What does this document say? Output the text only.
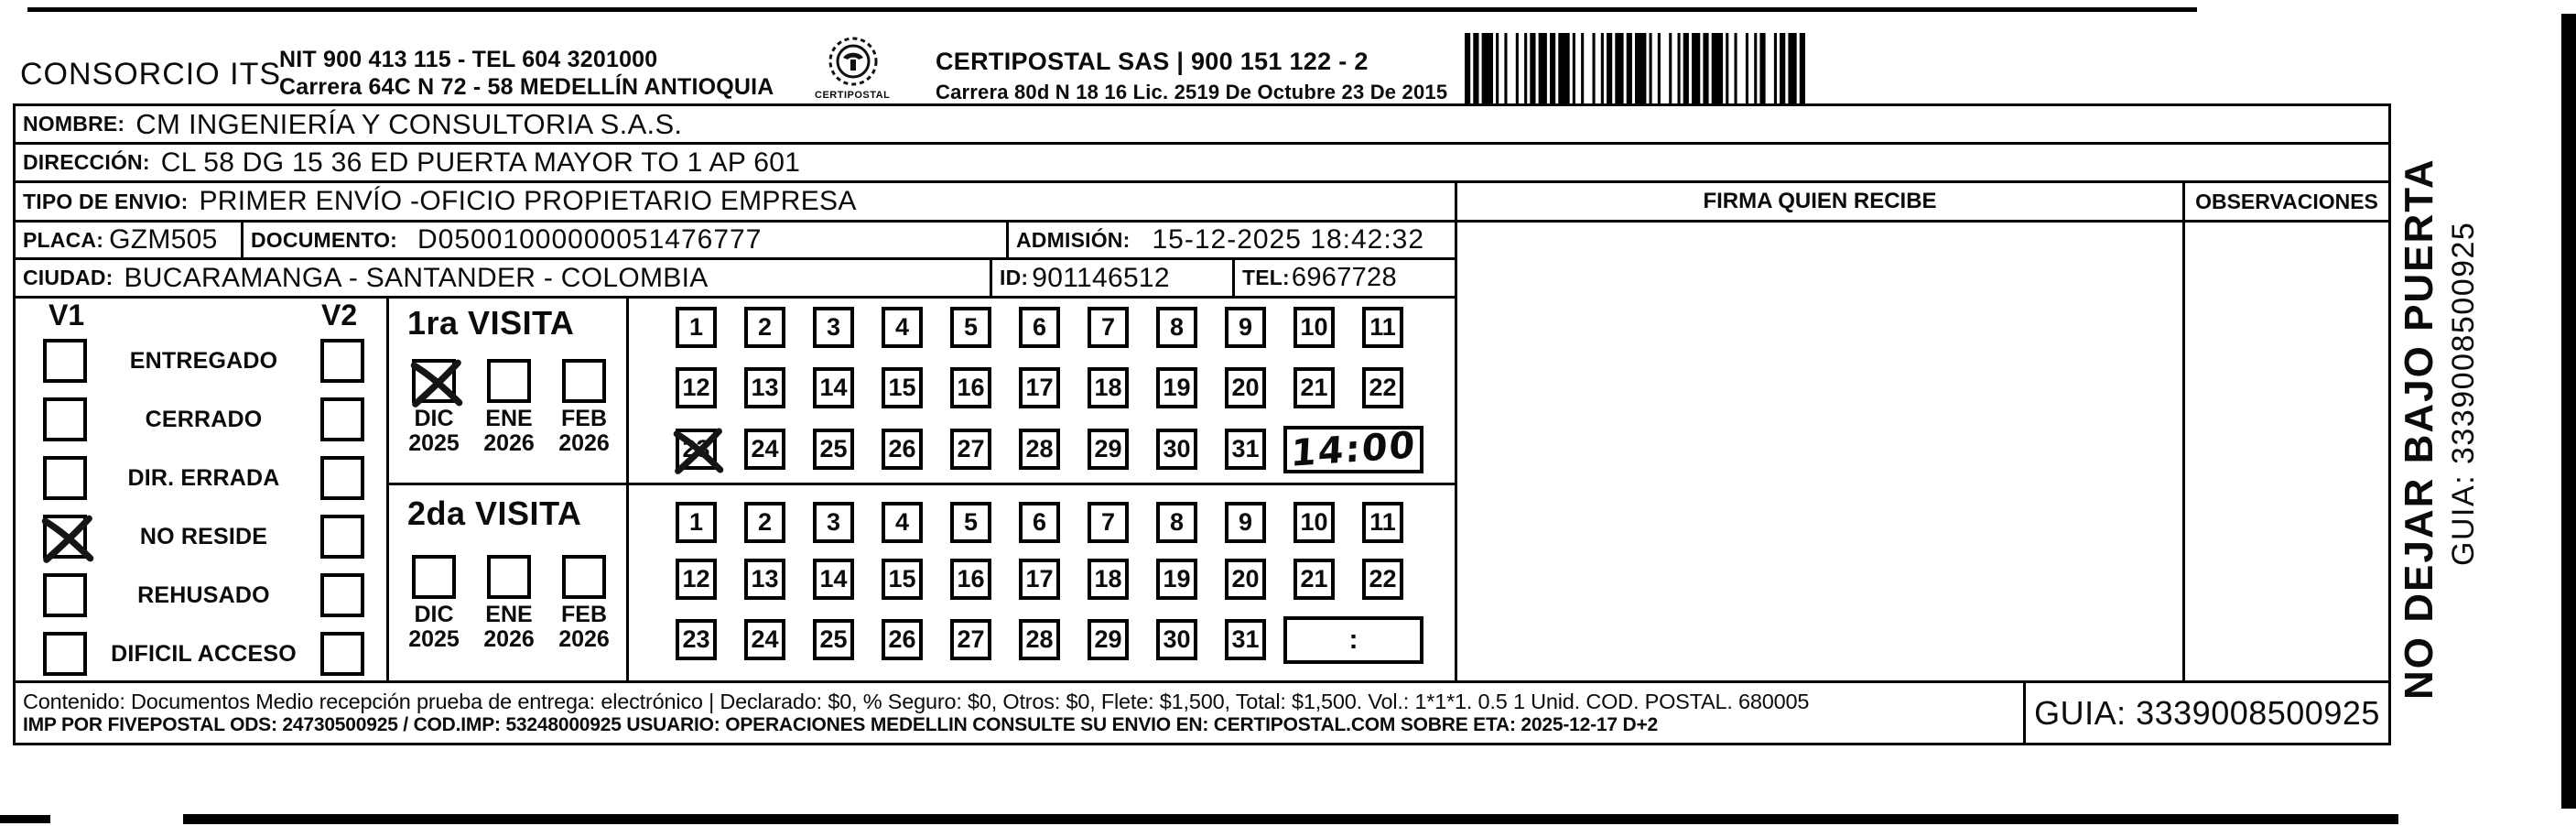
CONSORCIO ITS
NIT 900 413 115 - TEL 604 3201000
Carrera 64C N 72 - 58 MEDELLÍN ANTIOQUIA	CERTIPOSTAL
CERTIPOSTAL SAS | 900 151 122 - 2
Carrera 80d N 18 16 Lic. 2519 De Octubre 23 De 2015
NOMBRE: CM INGENIERÍA Y CONSULTORIA S.A.S.
DIRECCIÓN: CL 58 DG 15 36 ED PUERTA MAYOR TO 1 AP 601
TIPO DE ENVIO: PRIMER ENVÍO -OFICIO PROPIETARIO EMPRESA	FIRMA QUIEN RECIBE	OBSERVACIONES
PLACA: GZM505	DOCUMENTO: D05001000000051476777	ADMISIÓN: 15-12-2025 18:42:32
CIUDAD: BUCARAMANGA - SANTANDER - COLOMBIA	ID: 901146512	TEL: 6967728
V1	V2
ENTREGADO
CERRADO
DIR. ERRADA
NO RESIDE
REHUSADO
DIFICIL ACCESO
1ra VISITA
DIC
2025
ENE
2026
FEB
2026
2da VISITA
DIC
2025
ENE
2026
FEB
2026
1	2	3	4	5	6	7	8	9	10	11
12 13 14 15 16 17 18 19 20 21 22
23 24 25 26 27 28 29 30 31 14:00
1	2	3	4	5	6	7	8	9	10	11
12 13 14 15 16 17 18 19 20 21 22
23 24 25 26 27 28 29 30 31	:
Contenido: Documentos Medio recepción prueba de entrega: electrónico | Declarado: $0, % Seguro: $0, Otros: $0, Flete: $1,500, Total: $1,500. Vol.: 1*1*1. 0.5 1 Unid. COD. POSTAL. 680005
IMP POR FIVEPOSTAL ODS: 24730500925 / COD.IMP: 53248000925 USUARIO: OPERACIONES MEDELLIN CONSULTE SU ENVIO EN: CERTIPOSTAL.COM SOBRE ETA: 2025-12-17 D+2	GUIA: 3339008500925
NO DEJAR BAJO PUERTA GUIA: 3339008500925
